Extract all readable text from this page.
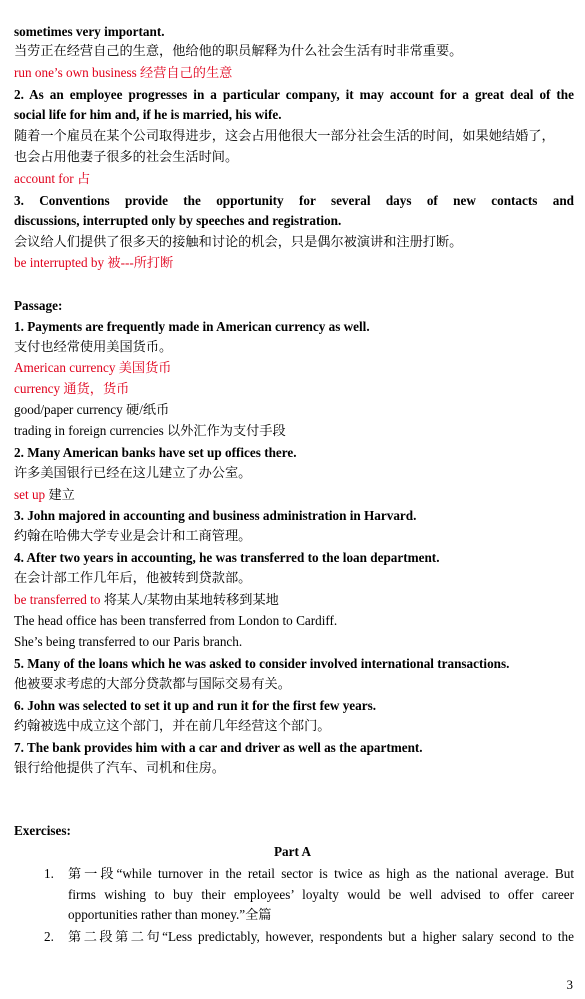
sometimes very important.
当劳正在经营自己的生意，他给他的职员解释为什么社会生活有时非常重要。
run one’s own business 经营自己的生意
2. As an employee progresses in a particular company, it may account for a great deal of the
social life for him and, if he is married, his wife.
随着一个雇员在某个公司取得进步，这会占用他很大一部分社会生活的时间，如果她结婚了，
也会占用他妻子很多的社会生活时间。
account for 占
3. Conventions provide the opportunity for several days of new contacts and
discussions, interrupted only by speeches and registration.
会议给人们提供了很多天的接触和讨论的机会，只是偶尔被演讲和注册打断。
be interrupted by 被---所打断
Passage:
1. Payments are frequently made in American currency as well.
支付也经常使用美国货币。
American currency 美国货币
currency 通货，货币
good/paper currency 硬/纸币
trading in foreign currencies 以外汇作为支付手段
2. Many American banks have set up offices there.
许多美国银行已经在这儿建立了办公室。
set up 建立
3. John majored in accounting and business administration in Harvard.
约翰在哈佛大学专业是会计和工商管理。
4. After two years in accounting, he was transferred to the loan department.
在会计部工作几年后，他被转到贷款部。
be transferred to 将某人/某物由某地转移到某地
The head office has been transferred from London to Cardiff.
She’s being transferred to our Paris branch.
5. Many of the loans which he was asked to consider involved international transactions.
他被要求考虑的大部分贷款都与国际交易有关。
6. John was selected to set it up and run it for the first few years.
约翰被选中成立这个部门，并在前几年经营这个部门。
7. The bank provides him with a car and driver as well as the apartment.
银行给他提供了汽车、司机和住房。
Exercises:
Part A
1. 第一段“while turnover in the retail sector is twice as high as the national average. But
firms wishing to buy their employees’ loyalty would be well advised to offer career
opportunities rather than money.”全篇
2. 第二段第二句“Less predictably, however, respondents but a higher salary second to the
3
